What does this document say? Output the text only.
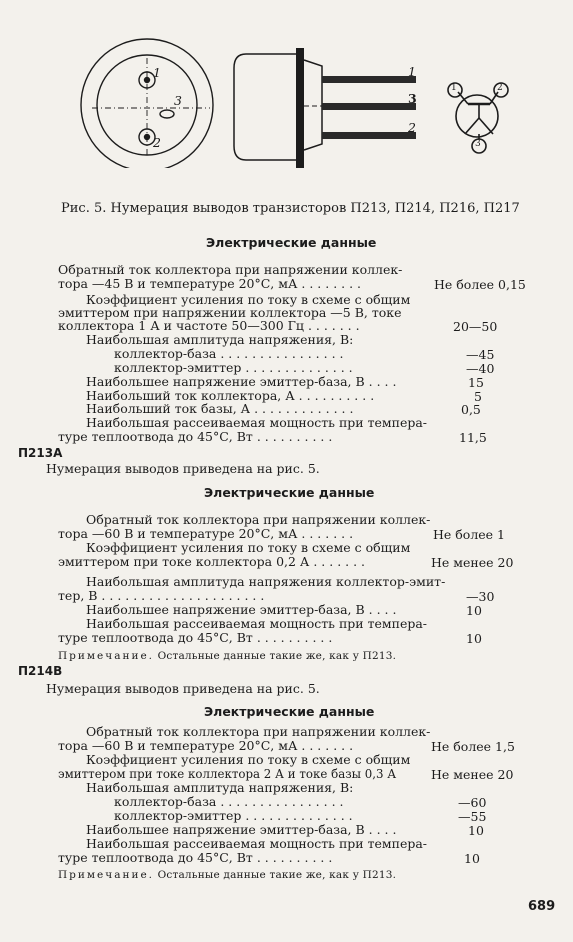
1
2
3
1
3
2
1	2
3
Рис. 5. Нумерация выводов транзисторов П213, П214, П216, П217
Электрические данные
Обратный ток коллектора при напряжении коллек-
тора —45 В и температуре 20°С, мА . . . . . . . .	Не более 0,15
Коэффициент усиления по току в схеме с общим
эмиттером при напряжении коллектора —5 В, токе
коллектора 1 А и частоте 50—300 Гц . . . . . . .	20—50
Наибольшая амплитуда напряжения, В:
коллектор-база . . . . . . . . . . . . . . . .	—45
коллектор-эмиттер . . . . . . . . . . . . . .	—40
Наибольшее напряжение эмиттер-база, В . . . .	15
Наибольший ток коллектора, А . . . . . . . . . .	5
Наибольший ток базы, А . . . . . . . . . . . . .	0,5
Наибольшая рассеиваемая мощность при темпера-
туре теплоотвода до 45°С, Вт . . . . . . . . . .	11,5
П213А
Нумерация выводов приведена на рис. 5.
Электрические данные
Обратный ток коллектора при напряжении коллек-
тора —60 В и температуре 20°С, мА . . . . . . .	Не более 1
Коэффициент усиления по току в схеме с общим
эмиттером при токе коллектора 0,2 А . . . . . . .	Не менее 20
Наибольшая амплитуда напряжения коллектор-эмит-
тер, В . . . . . . . . . . . . . . . . . . . . .	—30
Наибольшее напряжение эмиттер-база, В . . . .	10
Наибольшая рассеиваемая мощность при темпера-
туре теплоотвода до 45°С, Вт . . . . . . . . . .	10
Примечание. Остальные данные такие же, как у П213.
П214В
Нумерация выводов приведена на рис. 5.
Электрические данные
Обратный ток коллектора при напряжении коллек-
тора —60 В и температуре 20°С, мА . . . . . . .	Не более 1,5
Коэффициент усиления по току в схеме с общим
эмиттером при токе коллектора 2 А и токе базы 0,3 А	Не менее 20
Наибольшая амплитуда напряжения, В:
коллектор-база . . . . . . . . . . . . . . . .	—60
коллектор-эмиттер . . . . . . . . . . . . . .	—55
Наибольшее напряжение эмиттер-база, В . . . .	10
Наибольшая рассеиваемая мощность при темпера-
туре теплоотвода до 45°С, Вт . . . . . . . . . .	10
Примечание. Остальные данные такие же, как у П213.
689
